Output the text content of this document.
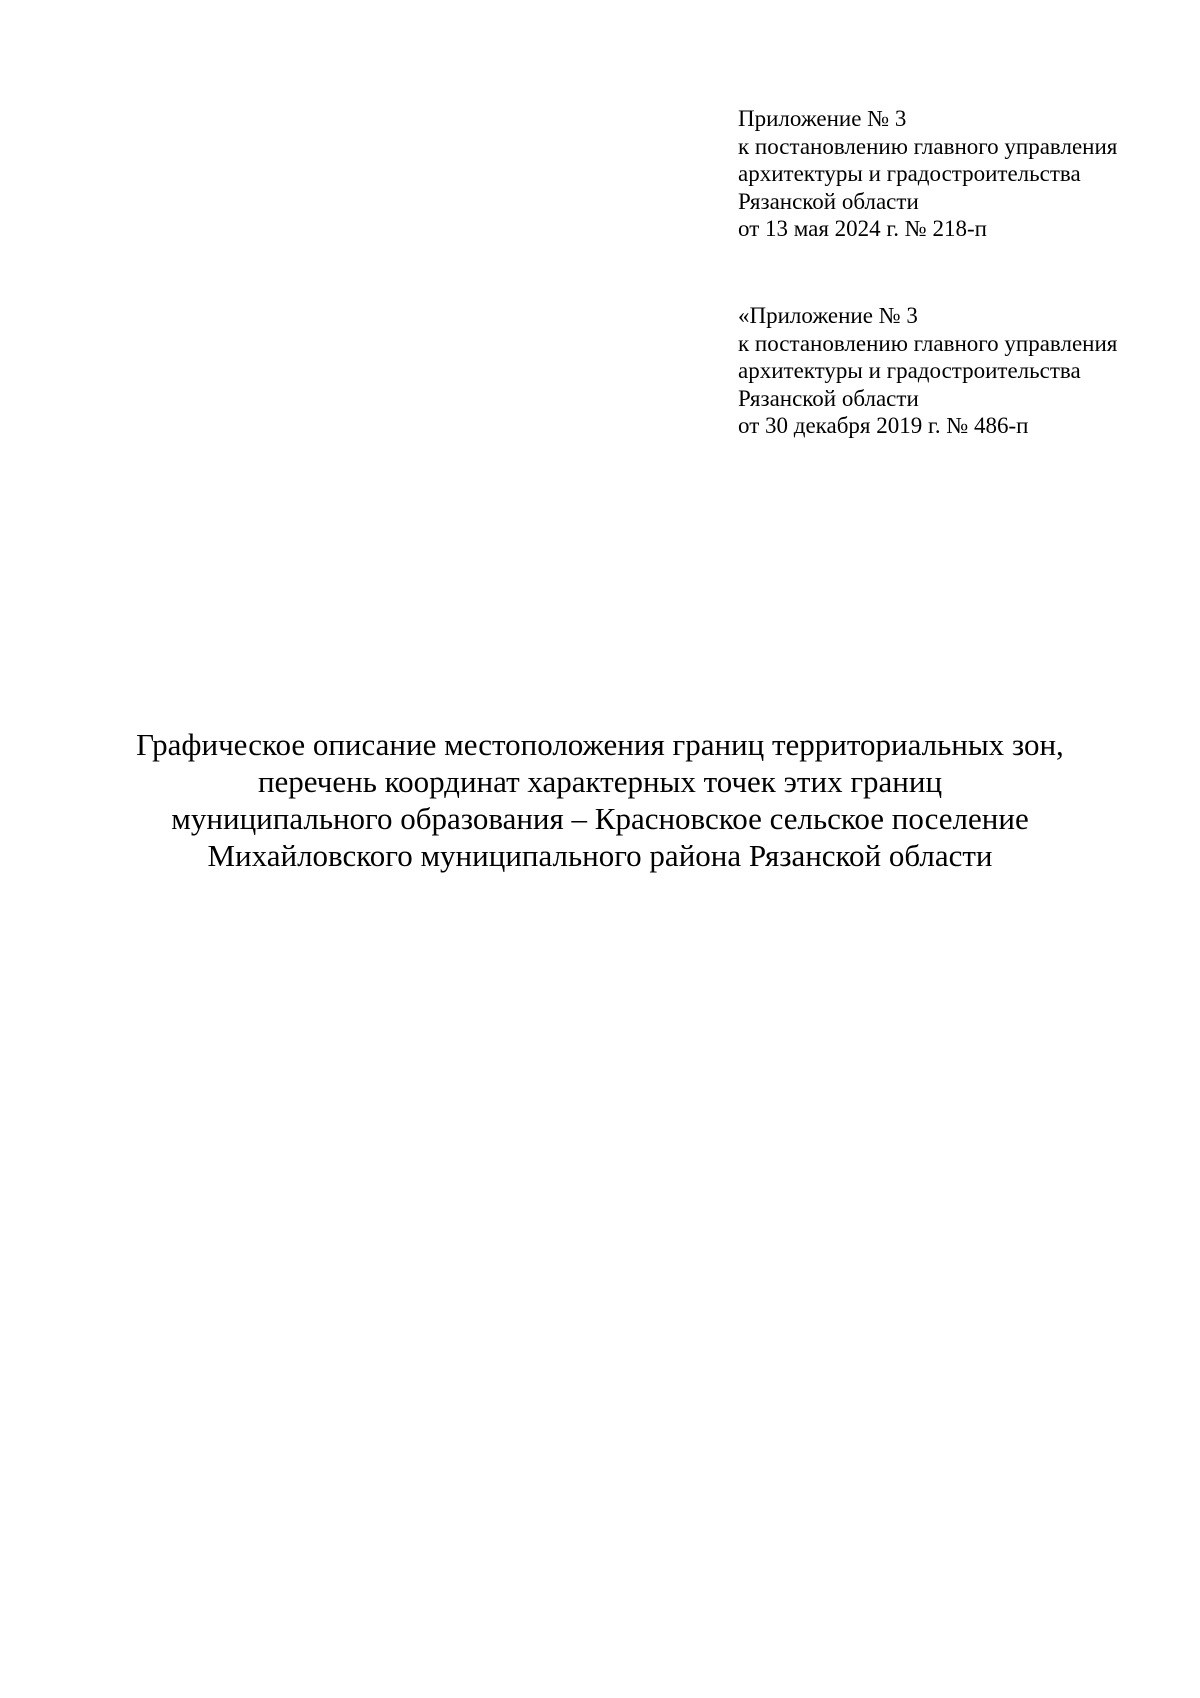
Приложение № 3
к постановлению главного управления
архитектуры и градостроительства
Рязанской области
от 13 мая 2024 г. № 218-п
«Приложение № 3
к постановлению главного управления
архитектуры и градостроительства
Рязанской области
от 30 декабря 2019 г. № 486-п
Графическое описание местоположения границ территориальных зон,
перечень координат характерных точек этих границ
муниципального образования – Красновское сельское поселение
Михайловского муниципального района Рязанской области
